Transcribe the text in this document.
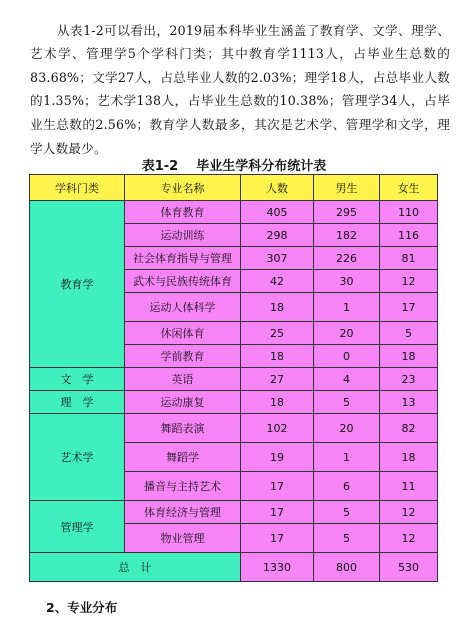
从表1-2可以看出，2019届本科毕业生涵盖了教育学、文学、理学、艺术学、管理学5个学科门类；其中教育学1113人，占毕业生总数的83.68%；文学27人，占总毕业人数的2.03%；理学18人，占总毕业人数的1.35%；艺术学138人，占毕业生总数的10.38%；管理学34人，占毕业生总数的2.56%；教育学人数最多，其次是艺术学、管理学和文学，理学人数最少。

表1-2 毕业生学科分布统计表
学科门类	专业名称	人数	男生	女生
教育学	体育教育	405	295	110
	运动训练	298	182	116
	社会体育指导与管理	307	226	81
	武术与民族传统体育	42	30	12
	运动人体科学	18	1	17
	休闲体育	25	20	5
	学前教育	18	0	18
文　学	英语	27	4	23
理　学	运动康复	18	5	13
艺术学	舞蹈表演	102	20	82
	舞蹈学	19	1	18
	播音与主持艺术	17	6	11
管理学	体育经济与管理	17	5	12
	物业管理	17	5	12
总　计		1330	800	530
2、专业分布
